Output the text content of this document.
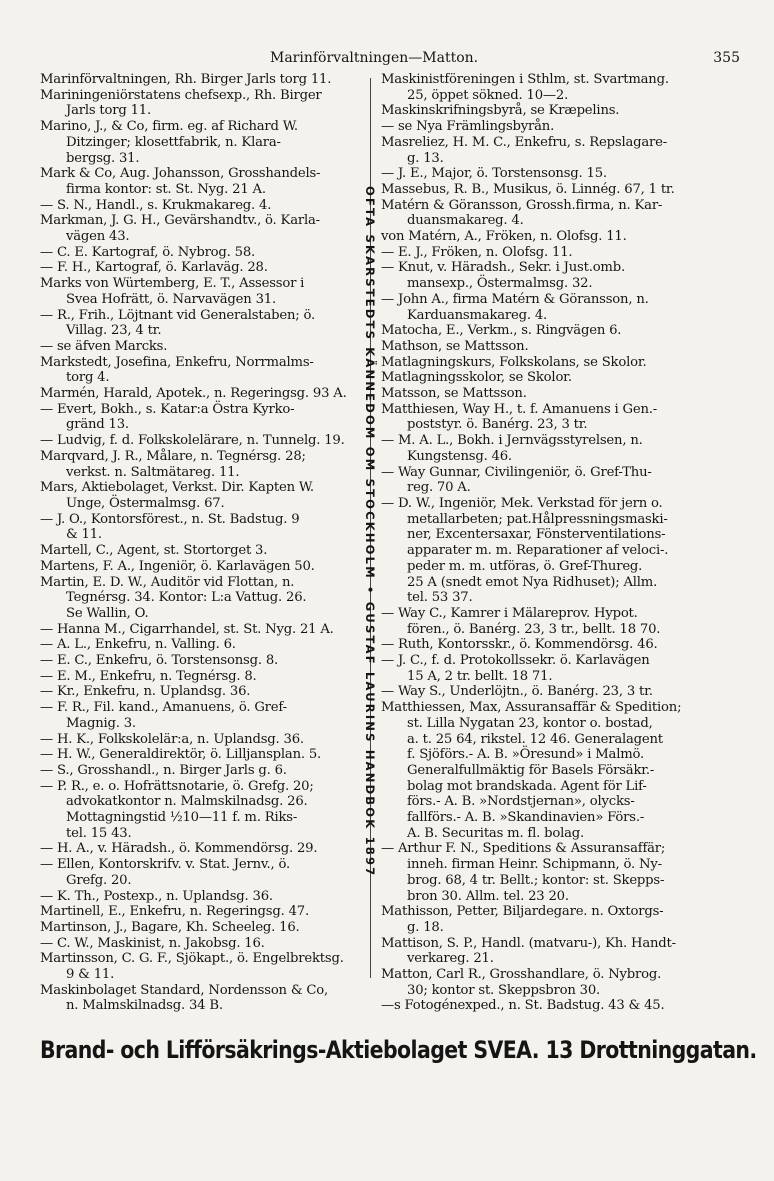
Marinförvaltningen—Matton.	355
Marinförvaltningen, Rh. Birger Jarls torg 11.
Mariningeniörstatens chefsexp., Rh. Birger
Jarls torg 11.
Marino, J., & Co, firm. eg. af Richard W.
Ditzinger; klosettfabrik, n. Klara-
bergsg. 31.
Mark & Co, Aug. Johansson, Grosshandels-
firma kontor: st. St. Nyg. 21 A.
— S. N., Handl., s. Krukmakareg. 4.
Markman, J. G. H., Gevärshandtv., ö. Karla-
vägen 43.
— C. E. Kartograf, ö. Nybrog. 58.
— F. H., Kartograf, ö. Karlaväg. 28.
Marks von Würtemberg, E. T., Assessor i
Svea Hofrätt, ö. Narvavägen 31.
— R., Frih., Löjtnant vid Generalstaben; ö.
Villag. 23, 4 tr.
— se äfven Marcks.
Markstedt, Josefina, Enkefru, Norrmalms-
torg 4.
Marmén, Harald, Apotek., n. Regeringsg. 93 A.
— Evert, Bokh., s. Katar:a Östra Kyrko-
gränd 13.
— Ludvig, f. d. Folkskolelärare, n. Tunnelg. 19.
Marqvard, J. R., Målare, n. Tegnérsg. 28;
verkst. n. Saltmätareg. 11.
Mars, Aktiebolaget, Verkst. Dir. Kapten W.
Unge, Östermalmsg. 67.
— J. O., Kontorsförest., n. St. Badstug. 9
& 11.
Martell, C., Agent, st. Stortorget 3.
Martens, F. A., Ingeniör, ö. Karlavägen 50.
Martin, E. D. W., Auditör vid Flottan, n.
Tegnérsg. 34. Kontor: L:a Vattug. 26.
Se Wallin, O.
— Hanna M., Cigarrhandel, st. St. Nyg. 21 A.
— A. L., Enkefru, n. Valling. 6.
— E. C., Enkefru, ö. Torstensonsg. 8.
— E. M., Enkefru, n. Tegnérsg. 8.
— Kr., Enkefru, n. Uplandsg. 36.
— F. R., Fil. kand., Amanuens, ö. Gref-
Magnig. 3.
— H. K., Folkskolelär:a, n. Uplandsg. 36.
— H. W., Generaldirektör, ö. Lilljansplan. 5.
— S., Grosshandl., n. Birger Jarls g. 6.
— P. R., e. o. Hofrättsnotarie, ö. Grefg. 20;
advokatkontor n. Malmskilnadsg. 26.
Mottagningstid ½10—11 f. m. Riks-
tel. 15 43.
— H. A., v. Häradsh., ö. Kommendörsg. 29.
— Ellen, Kontorskrifv. v. Stat. Jernv., ö.
Grefg. 20.
— K. Th., Postexp., n. Uplandsg. 36.
Martinell, E., Enkefru, n. Regeringsg. 47.
Martinson, J., Bagare, Kh. Scheeleg. 16.
— C. W., Maskinist, n. Jakobsg. 16.
Martinsson, C. G. F., Sjökapt., ö. Engelbrektsg.
9 & 11.
Maskinbolaget Standard, Nordensson & Co,
n. Malmskilnadsg. 34 B.
OFTA SKARSTEDTS KÄNNEDOM OM STOCKHOLM • GUSTAF LAURINS HANDBOK 1897
Maskinistföreningen i Sthlm, st. Svartmang.
25, öppet sökned. 10—2.
Maskinskrifningsbyrå, se Kræpelins.
— se Nya Främlingsbyrån.
Masreliez, H. M. C., Enkefru, s. Repslagare-
g. 13.
— J. E., Major, ö. Torstensonsg. 15.
Massebus, R. B., Musikus, ö. Linnég. 67, 1 tr.
Matérn & Göransson, Grossh.firma, n. Kar-
duansmakareg. 4.
von Matérn, A., Fröken, n. Olofsg. 11.
— E. J., Fröken, n. Olofsg. 11.
— Knut, v. Häradsh., Sekr. i Just.omb.
mansexp., Östermalmsg. 32.
— John A., firma Matérn & Göransson, n.
Karduansmakareg. 4.
Matocha, E., Verkm., s. Ringvägen 6.
Mathson, se Mattsson.
Matlagningskurs, Folkskolans, se Skolor.
Matlagningsskolor, se Skolor.
Matsson, se Mattsson.
Matthiesen, Way H., t. f. Amanuens i Gen.-
poststyr. ö. Banérg. 23, 3 tr.
— M. A. L., Bokh. i Jernvägsstyrelsen, n.
Kungstensg. 46.
— Way Gunnar, Civilingeniör, ö. Gref-Thu-
reg. 70 A.
— D. W., Ingeniör, Mek. Verkstad för jern o.
metallarbeten; pat.Hålpressningsmaski-
ner, Excentersaxar, Fönsterventilations-
apparater m. m. Reparationer af veloci-.
peder m. m. utföras, ö. Gref-Thureg.
25 A (snedt emot Nya Ridhuset); Allm.
tel. 53 37.
— Way C., Kamrer i Mälareprov. Hypot.
fören., ö. Banérg. 23, 3 tr., bellt. 18 70.
— Ruth, Kontorsskr., ö. Kommendörsg. 46.
— J. C., f. d. Protokollssekr. ö. Karlavägen
15 A, 2 tr. bellt. 18 71.
— Way S., Underlöjtn., ö. Banérg. 23, 3 tr.
Matthiessen, Max, Assuransaffär & Spedition;
st. Lilla Nygatan 23, kontor o. bostad,
a. t. 25 64, rikstel. 12 46. Generalagent
f. Sjöförs.- A. B. »Öresund» i Malmö.
Generalfullmäktig för Basels Försäkr.-
bolag mot brandskada. Agent för Lif-
förs.- A. B. »Nordstjernan», olycks-
fallförs.- A. B. »Skandinavien» Förs.-
A. B. Securitas m. fl. bolag.
— Arthur F. N., Speditions & Assuransaffär;
inneh. firman Heinr. Schipmann, ö. Ny-
brog. 68, 4 tr. Bellt.; kontor: st. Skepps-
bron 30. Allm. tel. 23 20.
Mathisson, Petter, Biljardegare. n. Oxtorgs-
g. 18.
Mattison, S. P., Handl. (matvaru-), Kh. Handt-
verkareg. 21.
Matton, Carl R., Grosshandlare, ö. Nybrog.
30; kontor st. Skeppsbron 30.
—s Fotogénexped., n. St. Badstug. 43 & 45.
Brand- och Lifförsäkrings-Aktiebolaget SVEA. 13 Drottninggatan.
